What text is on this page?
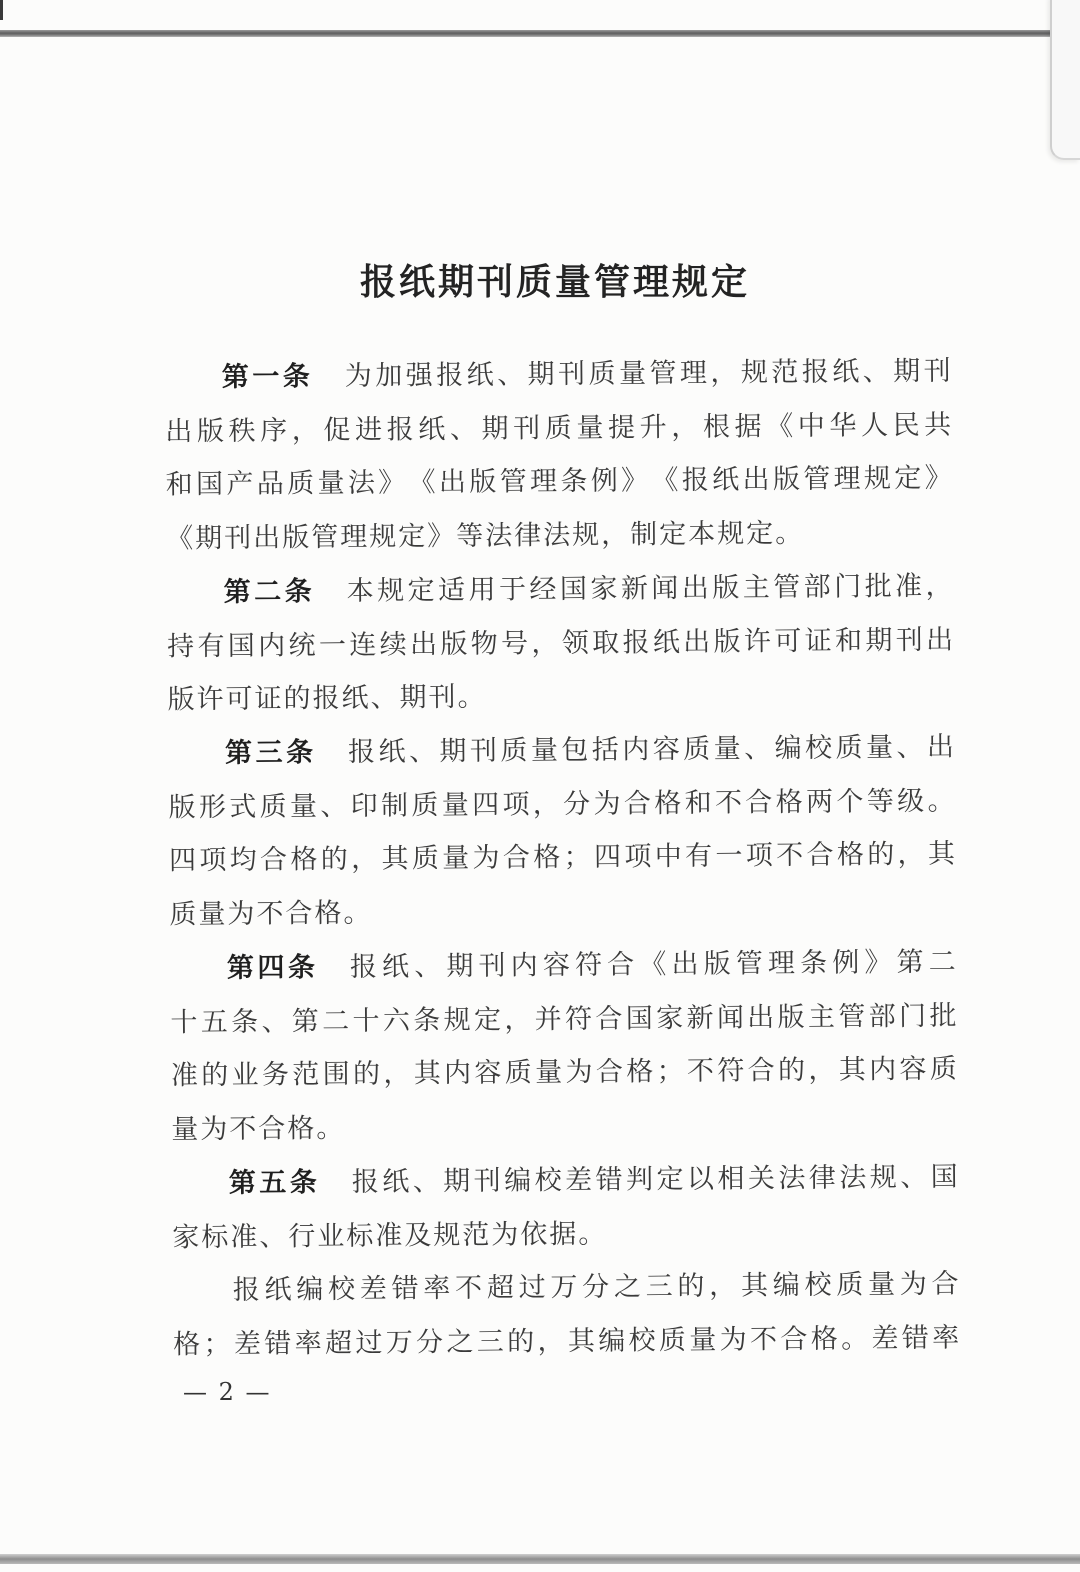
报纸期刊质量管理规定
第 一 条 为 加 强 报 纸 、 期 刊 质 量 管 理 ， 规 范 报 纸 、 期 刊
出 版 秩 序 ， 促 进 报 纸 、 期 刊 质 量 提 升 ， 根 据 《 中 华 人 民 共
和 国 产 品 质 量 法 》 《 出 版 管 理 条 例 》 《 报 纸 出 版 管 理 规 定 》
《期刊出版管理规定》等法律法规，制定本规定。
第 二 条 本 规 定 适 用 于 经 国 家 新 闻 出 版 主 管 部 门 批 准 ，
持 有 国 内 统 一 连 续 出 版 物 号 ， 领 取 报 纸 出 版 许 可 证 和 期 刊 出
版许可证的报纸、期刊。
第 三 条 报 纸 、 期 刊 质 量 包 括 内 容 质 量 、 编 校 质 量 、 出
版 形 式 质 量 、 印 制 质 量 四 项 ， 分 为 合 格 和 不 合 格 两 个 等 级 。
四 项 均 合 格 的 ， 其 质 量 为 合 格 ； 四 项 中 有 一 项 不 合 格 的 ， 其
质量为不合格。
第 四 条 报 纸 、 期 刊 内 容 符 合 《 出 版 管 理 条 例 》 第 二
十 五 条 、 第 二 十 六 条 规 定 ， 并 符 合 国 家 新 闻 出 版 主 管 部 门 批
准 的 业 务 范 围 的 ， 其 内 容 质 量 为 合 格 ； 不 符 合 的 ， 其 内 容 质
量为不合格。
第 五 条 报 纸 、 期 刊 编 校 差 错 判 定 以 相 关 法 律 法 规 、 国
家标准、行业标准及规范为依据。
报 纸 编 校 差 错 率 不 超 过 万 分 之 三 的 ， 其 编 校 质 量 为 合
格 ； 差 错 率 超 过 万 分 之 三 的 ， 其 编 校 质 量 为 不 合 格 。 差 错 率
— 2 —
